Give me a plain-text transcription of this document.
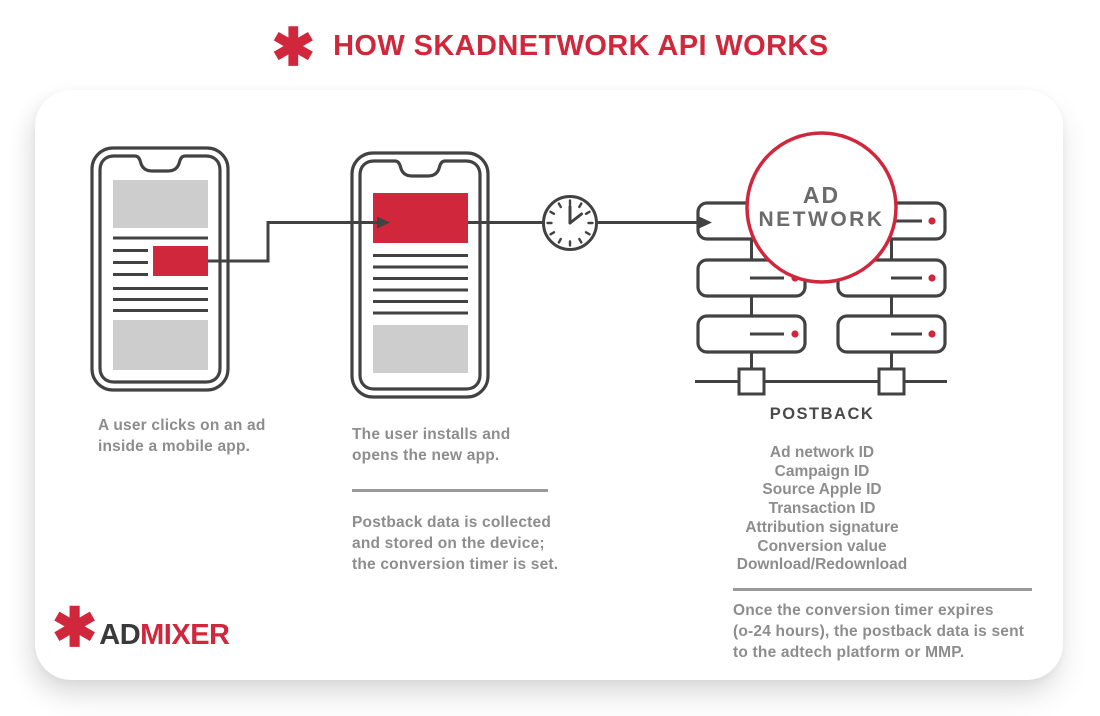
✱ HOW SKADNETWORK API WORKS
A user clicks on an ad
inside a mobile app.
The user installs and
opens the new app.
Postback data is collected
and stored on the device;
the conversion timer is set.
AD
NETWORK
POSTBACK
Ad network ID
Campaign ID
Source Apple ID
Transaction ID
Attribution signature
Conversion value
Download/Redownload
Once the conversion timer expires
(o-24 hours), the postback data is sent
to the adtech platform or MMP.
✱ AD MIXER
